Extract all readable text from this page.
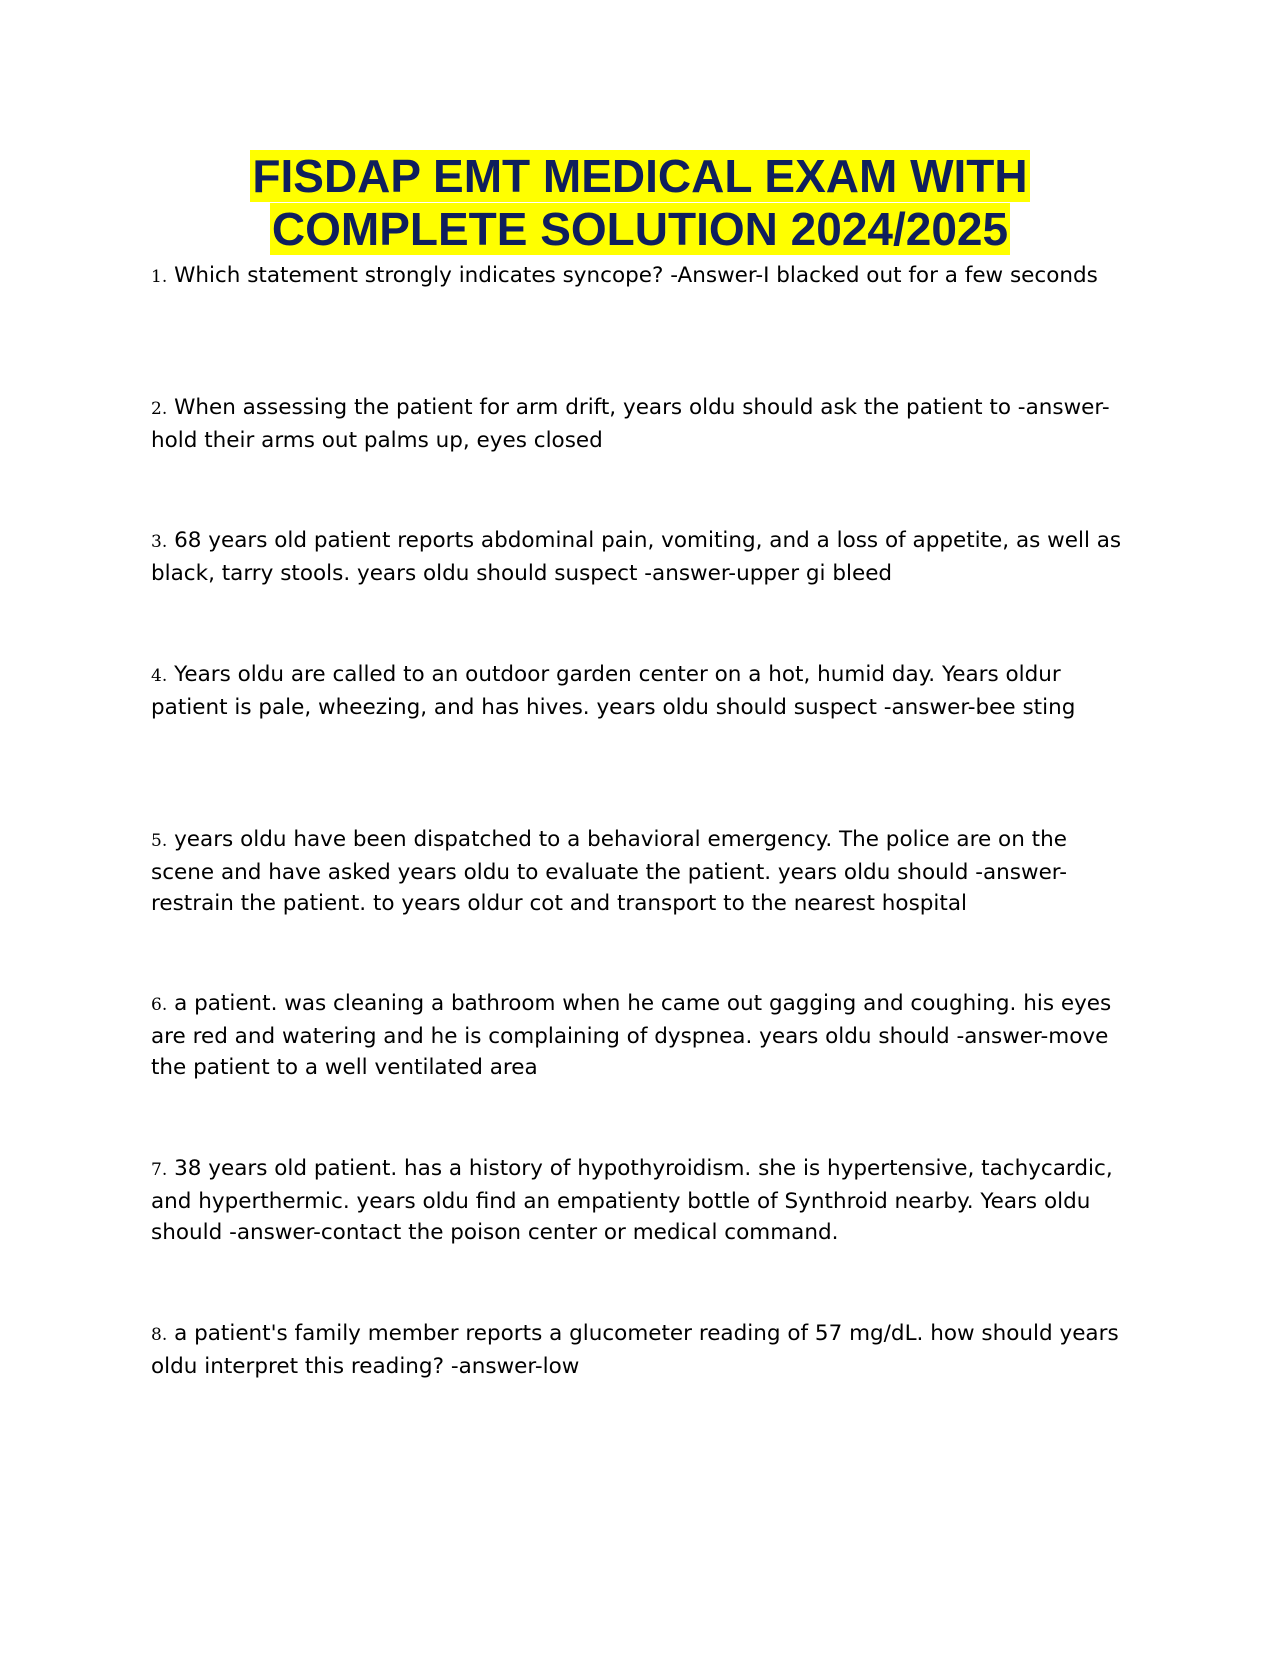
FISDAP EMT MEDICAL EXAM WITH
COMPLETE SOLUTION 2024/2025

1. Which statement strongly indicates syncope? -Answer-I blacked out for a few seconds

2. When assessing the patient for arm drift, years oldu should ask the patient to -answer-hold their arms out palms up, eyes closed

3. 68 years old patient reports abdominal pain, vomiting, and a loss of appetite, as well as black, tarry stools. years oldu should suspect -answer-upper gi bleed

4. Years oldu are called to an outdoor garden center on a hot, humid day. Years oldur patient is pale, wheezing, and has hives. years oldu should suspect -answer-bee sting

5. years oldu have been dispatched to a behavioral emergency. The police are on the scene and have asked years oldu to evaluate the patient. years oldu should -answer-restrain the patient. to years oldur cot and transport to the nearest hospital

6. a patient. was cleaning a bathroom when he came out gagging and coughing. his eyes are red and watering and he is complaining of dyspnea. years oldu should -answer-move the patient to a well ventilated area

7. 38 years old patient. has a history of hypothyroidism. she is hypertensive, tachycardic, and hyperthermic. years oldu find an empatienty bottle of Synthroid nearby. Years oldu should -answer-contact the poison center or medical command.

8. a patient's family member reports a glucometer reading of 57 mg/dL. how should years oldu interpret this reading? -answer-low
